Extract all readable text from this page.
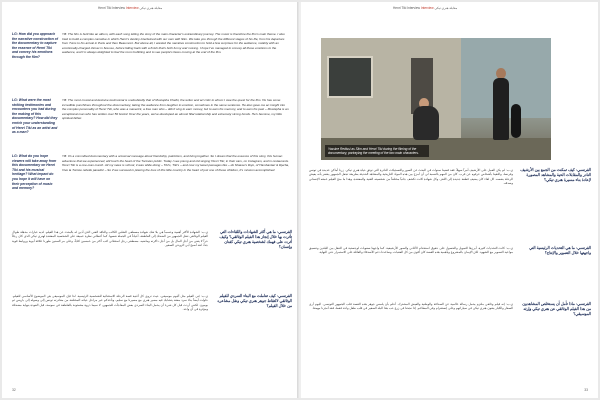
Henri Tiki Interview Interview مقابلة هنري تيكي
LG: How did you approach the narrative construction of the documentary to capture the essence of Henri Tiki and convey his emotions through the film?
YB: The film is built like an album, with each song telling the story of the main character's extraordinary journey. The music is therefore the film's main theme. I also tried to build a complex narrative in which Henri's destiny intertwined with our own with Slim. We take you through the different stages of his life, from his departure from Tunis to his arrival in Paris and then Beaumont. But above all, I wanted the narrative construction to hold a few surprises for the audience, notably with an emotionally-charged climax in Sousse, before falling back with a finish that's both funny and moving. I hope I've managed to convey all these emotions to the audience, and I'm always delighted to feel the room bubbling and to see people's faces moving at the end of the film.
LG: What were the most striking testimonies and encounters you had during the making of this documentary? How did they enrich your understanding of Henri Tiki as an artist and as a man?
YB: The most crucial and decisive testimonial is undoubtedly that of Mustapha Chelbi, the writer and art critic to whom I owe the quest for the film. He has some incredible punchlines throughout the documentary, taking the audience from laughter to emotion, sometimes in the same sentence. He also gave me an insight into the complex personality of Henri Tiki, who was a maverick, a free man who – didn't sing to earn money, but to earn his memory, and to earn his past – Mustapha is an exceptional man who has written over 50 books! Over the years, we've developed an almost filial relationship and extremely strong bonds. He's become, my little spiritual father.
LG: What do you hope viewers will take away from this documentary on Henri Tiki and his musical heritage? What impact do you hope it will have on their perception of music and memory?
YB: It's a committed documentary with a universal message about friendship, patriotism, and living together. So I dream that the essence of this story, this human adventure that we experienced, will touch the heart of the Tunisian public. Today I see young and old singing Henri Tiki, in their cars, on Instagram, and in restaurants. Henri Tiki is a one-man march. All my news is school, it was while doing – Tiki's, Tiki's – and now my tweet passages like – do Sharee's Diyo, of Hambantari & Djerba, Vive la Tunisie rebelle paradis! – So if we succeed in placing the love of this little country in the heart of just one of these children, it's mission accomplished.
الفرنسي: ما هي أكثر الشهادات واللقاءات التي تأثرت بها خلال إنجاز هذا الفيلم الوثائقي؟ وكيف أثرت على فهمك لشخصية هنري تيكي كفنان وإنسان؟
ي.ب: الشهادة الأكثر أهمية وحسماً هي بلا شك شهادة مصطفى الشلبي الكاتب والناقد الفني الذي أدين له بالبحث عن هذا الفيلم. لديه عبارات مذهلة طوال الفيلم الوثائقي تنقل الجمهور من الضحك إلى العاطفة، أحياناً في الجملة نفسها. كما أعطاني نظرة عميقة على الشخصية المعقدة لهنري تيكي الذي كان رجلاً حراً لا يغني من أجل المال بل من أجل ذاكرته وماضيه. مصطفى رجل استثنائي كتب أكثر من خمسين كتاباً، وعلى مر السنين طورنا علاقة أبوية وروابط قوية جداً، لقد أصبح أبي الروحي الصغير.
الفرنسي: كيف تعاملت مع البناء السردي للفيلم الوثائقي لالتقاط جوهر هنري تيكي ونقل مشاعره من خلال الفيلم؟
ي.ب: بُني الفيلم مثل ألبوم موسيقي، حيث تروي كل أغنية قصة الرحلة الاستثنائية للشخصية الرئيسية. لذا فإن الموسيقى هي الموضوع الأساسي للفيلم. حاولت أيضاً بناء سرد معقد يتشابك فيه مصير هنري مع مصيرنا مع سليم، ونأخذكم عبر مراحل حياته المختلفة من مغادرته تونس إلى وصوله إلى باريس ثم بومون. لكنني أردت قبل كل شيء أن يحمل البناء السردي بعض المفاجآت للجمهور، لا سيما ذروة مشحونة بالعاطفة في سوسة، قبل العودة بنهاية مضحكة ومؤثرة في آن واحد.
32
Henri Tiki Interview Interview مقابلة هنري تيكي
Yassine Redissi as Slim and Henri Tiki during the filming of the documentary, portraying the meeting of the two main characters.
الفرنسي: كيف تمكنت من الجمع بين الأرشيف النادر والمقابلات الحية والمشاهد المصورة لإعادة بناء مسيرة هنري تيكي؟
ي.ب: لم يكن العمل على الأرشيف أمراً سهلاً، فقد قضينا سنوات في البحث عن الصور والتسجيلات النادرة التي توثق حياة هنري تيكي. زرنا أماكن عديدة في تونس وفرنسا، والتقينا بأشخاص عرفوه عن قرب. كان من المهم بالنسبة لي أن أمزج بين هذه المواد التاريخية والمشاهد الحديثة بطريقة تجعل الجمهور يشعر بأنه يعيش الرحلة بنفسه. كل لقاء كان يضيف قطعة جديدة إلى اللغز، وكل شهادة كانت تكشف جانباً مختلفاً من شخصيته الغنية والمعقدة، وهذا ما منح الفيلم عمقه الإنساني وصدقه.
الفرنسي: ما هي التحديات الرئيسية التي واجهتها خلال التصوير والإنتاج؟
ي.ب: كانت التحديات كثيرة، أبرزها التمويل والحصول على حقوق استخدام الأغاني والصور الأرشيفية. كما واجهنا صعوبات لوجستية في التنقل بين البلدين وتنسيق مواعيد التصوير مع الشهود. لكن الإيمان بالمشروع وبأهمية هذه القصة كان أقوى من كل العقبات، وساعدنا دعم الأصدقاء والعائلة على الاستمرار حتى النهاية.
الفرنسي: ماذا تأمل أن يستخلص المشاهدون من هذا الفيلم الوثائقي عن هنري تيكي وإرثه الموسيقي؟
ي.ب: إنه فيلم وثائقي ملتزم يحمل رسالة عالمية عن الصداقة والوطنية والعيش المشترك. أحلم بأن يلمس جوهر هذه القصة قلب الجمهور التونسي. اليوم أرى الصغار والكبار يغنون هنري تيكي في سياراتهم وعلى إنستغرام وفي المطاعم. إذا نجحنا في زرع حب هذا البلد الصغير في قلب طفل واحد فقط، فقد أنجزنا مهمتنا.
33
